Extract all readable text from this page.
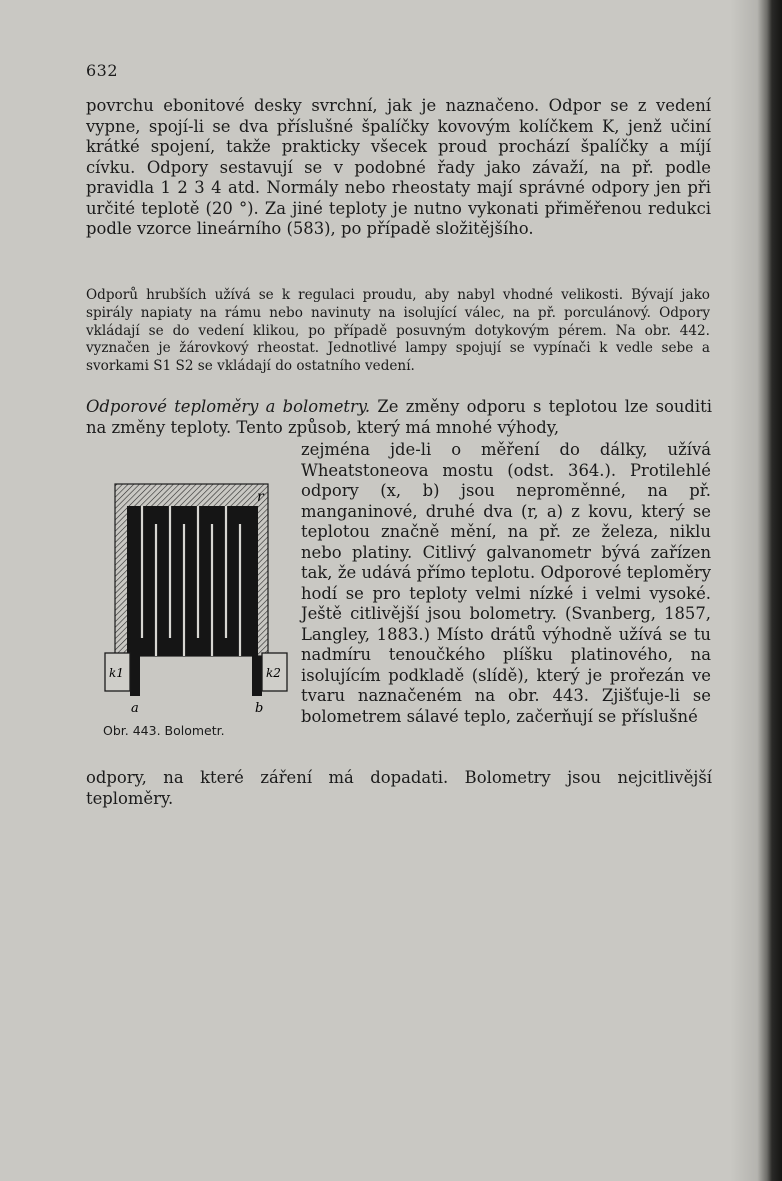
632

povrchu ebonitové desky svrchní, jak je naznačeno. Odpor se z vedení vypne, spojí-li se dva příslušné špalíčky kovovým kolíčkem K, jenž učiní krátké spojení, takže prakticky všecek proud prochází špalíčky a míjí cívku. Odpory sestavují se v podobné řady jako závaží, na př. podle pravidla 1 2 3 4 atd. Normály nebo rheostaty mají správné odpory jen při určité teplotě (20 °). Za jiné teploty je nutno vykonati přiměřenou redukci podle vzorce lineárního (583), po případě složitějšího.

Odporů hrubších užívá se k regulaci proudu, aby nabyl vhodné velikosti. Bývají jako spirály napiaty na rámu nebo navinuty na isolující válec, na př. porculánový. Odpory vkládají se do vedení klikou, po případě posuvným dotykovým pérem. Na obr. 442. vyznačen je žárovkový rheostat. Jednotlivé lampy spojují se vypínači k vedle sebe a svorkami S1 S2 se vkládají do ostatního vedení.

Odporové teploměry a bolometry. Ze změny odporu s teplotou lze souditi na změny teploty. Tento způsob, který má mnohé výhody,

zejména jde-li o měření do dálky, užívá Wheatstoneova mostu (odst. 364.). Protilehlé odpory (x, b) jsou neproměnné, na př. manganinové, druhé dva (r, a) z kovu, který se teplotou značně mění, na př. ze železa, niklu nebo platiny. Citlivý galvanometr bývá zařízen tak, že udává přímo teplotu. Odporové teploměry hodí se pro teploty velmi nízké i velmi vysoké. Ještě citlivější jsou bolometry. (Svanberg, 1857, Langley, 1883.) Místo drátů výhodně užívá se tu nadmíru tenoučkého plíšku platinového, na isolujícím podkladě (slídě), který je prořezán ve tvaru naznačeném na obr. 443. Zjišťuje-li se bolometrem sálavé teplo, začerňují se příslušné

odpory, na které záření má dopadati. Bolometry jsou nejcitlivější teploměry.

r
k1	k2
a	b
Obr. 443. Bolometr.
